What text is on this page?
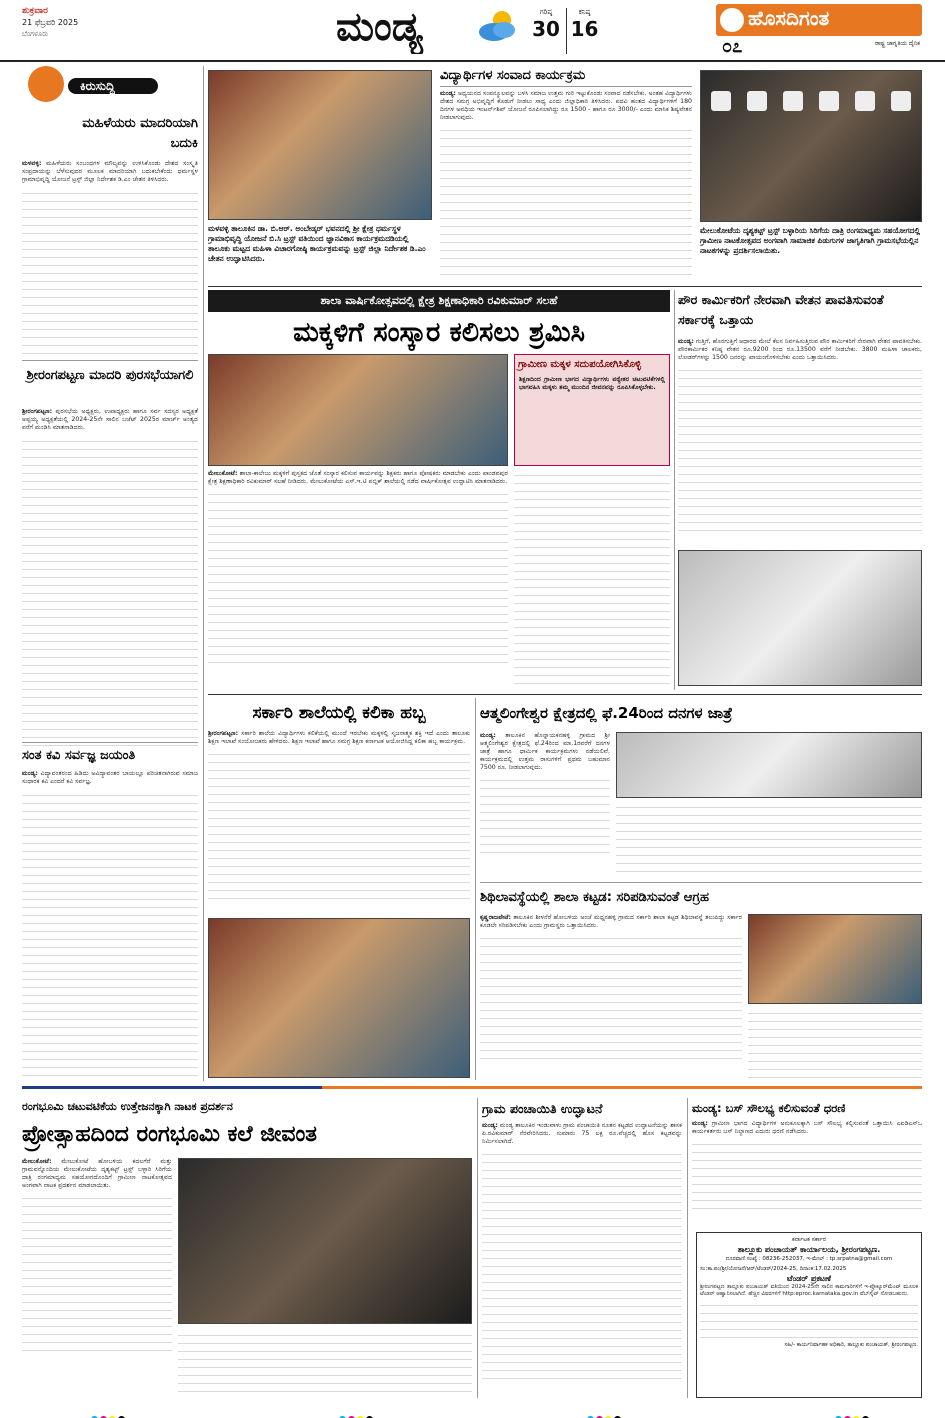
ಶುಕ್ರವಾರ
21 ಫೆಬ್ರವರಿ 2025
ಬೆಂಗಳೂರು	ಮಂಡ್ಯ	ಗರಿಷ್ಠ
30
ಕನಿಷ್ಠ
16	ಹೊಸದಿಗಂತ
೦೭	ರಾಷ್ಟ್ರ ಜಾಗೃತಿಯ ದೈನಿಕ
ಕಿರುಸುದ್ದಿ
ಮಹಿಳೆಯರು ಮಾದರಿಯಾಗಿ ಬದುಕಿ
ಮಳವಳ್ಳಿ: ಮಹಿಳೆಯರು ಸಂಬಂಧಗಳ ಮೌಲ್ಯವನ್ನು ಉಳಿಸಿಕೊಂಡು ದೇಶದ ಸಂಸ್ಕೃತಿ ಸಂಪ್ರದಾಯನ್ನು ಬೆಳೆಸುವುದರ ಮೂಲಕ ಮಾದರಿಯಾಗಿ ಬದುಕಬೇಕೆಂದು ಧರ್ಮಸ್ಥಳ ಗ್ರಾಮಾಭಿವೃದ್ಧಿ ಯೋಜನೆ ಟ್ರಸ್ಟ್ ಜಿಲ್ಲಾ ನಿರ್ದೇಶಕ ಡಿ.ಎಂ ಚೇತನ ತಿಳಿಸಿದರು.
ಶ್ರೀರಂಗಪಟ್ಟಣ ಮಾದರಿ ಪುರಸಭೆಯಾಗಲಿ
ಶ್ರೀರಂಗಪಟ್ಟಣ: ಪುರಸಭೆಯ ಅಧ್ಯಕ್ಷರು, ಉಪಾಧ್ಯಕ್ಷರು ಹಾಗೂ ಸರ್ವ ಸದಸ್ಯರ ಅಧ್ಯಕ್ಷತೆ ಅಪ್ಪಯ್ಯ ಅಧ್ಯಕ್ಷತೆಯಲ್ಲಿ 2024-25ನೇ ಸಾಲಿನ ಬಜೆಟ್ 2025ರ ಮಾರ್ಚ್ ಅಂತ್ಯದ ವರೆಗೆ ಮಂಡಿಸಿ ಮಾತನಾಡಿದರು.
ಸಂತ ಕವಿ ಸರ್ವಜ್ಞ ಜಯಂತಿ
ಮಂಡ್ಯ: ವಿದ್ಯಾವಂತರಂದ ಹಿಡಿದು ಅವಿದ್ಯಾವಂತರ ಬಾಯಲ್ಲೂ ಪರಿಚಿತನಾಗಿರುವ ಸಮಾಜ ಸುಧಾರಕ ಕವಿ ಎಂದರೆ ಕವಿ ಸರ್ವಜ್ಞ.
ಮಳವಳ್ಳಿ ತಾಲೂಕಿನ ಡಾ. ಬಿ.ಆರ್. ಅಂಬೇಡ್ಕರ್ ಭವನದಲ್ಲಿ ಶ್ರೀ ಕ್ಷೇತ್ರ ಧರ್ಮಸ್ಥಳ ಗ್ರಾಮಾಭಿವೃದ್ಧಿ ಯೋಜನೆ ಬಿ.ಸಿ ಟ್ರಸ್ಟ್ ವತಿಯಿಂದ ಜ್ಞಾನವಿಕಾಸ ಕಾರ್ಯಕ್ರಮದಡಿಯಲ್ಲಿ ತಾಲೂಕು ಮಟ್ಟದ ಮಹಿಳಾ ವಿಚಾರಗೋಷ್ಠಿ ಕಾರ್ಯಕ್ರಮವನ್ನು ಟ್ರಸ್ಟ್ ಜಿಲ್ಲಾ ನಿರ್ದೇಶಕ ಡಿ.ಎಂ ಚೇತನ ಉದ್ಘಾಟಿಸಿದರು.
ವಿದ್ಯಾರ್ಥಿಗಳ ಸಂವಾದ ಕಾರ್ಯಕ್ರಮ
ಮಂಡ್ಯ: ಅಧ್ಯಯನದ ಸಂಪನ್ಮೂಲವನ್ನು ಬಳಸಿ ಸಮಾಜ ಉತ್ತಮ ಗುರಿ ಇಟ್ಟುಕೊಂಡು ಸಂವಾದ ನಡೆಸಬೇಕು. ಅಂತಹ ವಿದ್ಯಾರ್ಥಿಗಳು ದೇಶದ ಸಮಗ್ರ ಅಭಿವೃದ್ಧಿಗೆ ಕೊಡುಗೆ ನೀಡಲು ಸಾಧ್ಯ ಎಂದು ಜಿಲ್ಲಾಧಿಕಾರಿ ತಿಳಿಸಿದರು. ಪದವಿ ಹಂತದ ವಿದ್ಯಾರ್ಥಿಗಳಿಗೆ 180 ದಿನಗಳ ಅವಧಿಯ ಇಂಟರ್ನ್‌ಶಿಪ್ ಯೋಜನೆ ರೂಪಿಸಲಾಗಿದ್ದು ರೂ 1500 - ಹಾಗೂ ರೂ 3000/- ಎಂದು ಮಾಸಿಕ ಶಿಷ್ಯವೇತನ ನೀಡಲಾಗುವುದು.
ಮೇಲುಕೋಟೆಯ ದೃಶ್ಯಕಟ್ಟ್ ಟ್ರಸ್ಟ್ ಬಳ್ಳಾರಿಯ ಸಿರಿಗೆಯ ದಾತ್ರಿ ರಂಗಮಾಧ್ಯಮ ಸಹಯೋಗದಲ್ಲಿ ಗ್ರಾಮೀಣ ನಾಟಕೋತ್ಸವದ ಅಂಗವಾಗಿ ಸಾಮಾಜಿಕ ಪಿಡುಗುಗಳ ಜಾಗೃತಿಗಾಗಿ ಗ್ರಾಮಸಭೆಯಲ್ಲಿನ ನಾಟಕಗಳನ್ನು ಪ್ರದರ್ಶಿಸಲಾಯಿತು.
ಶಾಲಾ ವಾರ್ಷಿಕೋತ್ಸವದಲ್ಲಿ ಕ್ಷೇತ್ರ ಶಿಕ್ಷಣಾಧಿಕಾರಿ ರವಿಕುಮಾರ್ ಸಲಹೆ
ಮಕ್ಕಳಿಗೆ ಸಂಸ್ಕಾರ ಕಲಿಸಲು ಶ್ರಮಿಸಿ
ಗ್ರಾಮೀಣ ಮಕ್ಕಳ ಸದುಪಯೋಗಿಸಿಕೊಳ್ಳಿ
ಶಿಕ್ಷಣದಿಂದ ಗ್ರಾಮೀಣ ಭಾಗದ ವಿದ್ಯಾರ್ಥಿಗಳು ಪಠ್ಯೇತರ ಚಟುವಟಿಕೆಗಳಲ್ಲಿ ಭಾಗವಹಿಸಿ ಮಕ್ಕಳು ತಮ್ಮ ಮುಂದಿನ ಜೀವನವನ್ನು ರೂಪಿಸಿಕೊಳ್ಳಬೇಕು.
ಮೇಲುಕೋಟೆ: ಶಾಲಾ-ಕಾಲೇಜು ಮಕ್ಕಳಿಗೆ ಪುಸ್ತಕದ ಜೊತೆ ಸಂಸ್ಕಾರ ಕಲಿಸುವ ಕಾರ್ಯವನ್ನು ಶಿಕ್ಷಕರು ಹಾಗೂ ಪೋಷಕರು ಮಾಡಬೇಕು ಎಂದು ಪಾಂಡವಪುರ ಕ್ಷೇತ್ರ ಶಿಕ್ಷಣಾಧಿಕಾರಿ ರವಿಕುಮಾರ್ ಸಲಹೆ ನೀಡಿದರು. ಮೇಲುಕೋಟೆಯ ಎಸ್.ಇ.ಟಿ ಪಬ್ಲಿಕ್ ಶಾಲೆಯಲ್ಲಿ ನಡೆದ ವಾರ್ಷಿಕೋತ್ಸವ ಉದ್ಘಾಟಿಸಿ ಮಾತನಾಡಿದರು.
ಪೌರ ಕಾರ್ಮಿಕರಿಗೆ ನೇರವಾಗಿ ವೇತನ ಪಾವತಿಸುವಂತೆ ಸರ್ಕಾರಕ್ಕೆ ಒತ್ತಾಯ
ಮಂಡ್ಯ: ಗುತ್ತಿಗೆ, ಹೊರಗುತ್ತಿಗೆ ಆಧಾರದ ಮೇಲೆ ಕೆಲಸ ನಿರ್ವಹಿಸುತ್ತಿರುವ ಪೌರ ಕಾರ್ಮಿಕರಿಗೆ ನೇರವಾಗಿ ವೇತನ ಪಾವತಿಸಬೇಕು. ಪೌರಕಾರ್ಮಿಕರ ಕನಿಷ್ಠ ವೇತನ ರೂ.9200 ರಿಂದ ರೂ.13500 ವರೆಗೆ ನೀಡಬೇಕು. 3800 ಮಹಿಳಾ ಚಾಲಕರು, ಲೋಡರ್‌ಗಳನ್ನು 1500 ಜನರನ್ನು ಖಾಯಂಗೊಳಿಸಬೇಕು ಎಂದು ಒತ್ತಾಯಿಸಿದರು.
ಸರ್ಕಾರಿ ಶಾಲೆಯಲ್ಲಿ ಕಲಿಕಾ ಹಬ್ಬ
ಶ್ರೀರಂಗಪಟ್ಟಣ: ಸರ್ಕಾರಿ ಶಾಲೆಯ ವಿದ್ಯಾರ್ಥಿಗಳು ಕಲಿಕೆಯಲ್ಲಿ ಮುಂದೆ ಇರಬೇಕು ಮಕ್ಕಳಲ್ಲಿ ಸೃಜನಾತ್ಮಕ ಶಕ್ತಿ ಇದೆ ಎಂದು ತಾಲೂಕು ಶಿಕ್ಷಣ ಇಲಾಖೆ ಸಂಯೋಜಕರು ಹೇಳಿದರು. ಶಿಕ್ಷಣ ಇಲಾಖೆ ಹಾಗೂ ಸಮಗ್ರ ಶಿಕ್ಷಣ ಕರ್ನಾಟಕ ಆಯೋಜಿಸಿದ್ದ ಕಲಿಕಾ ಹಬ್ಬ ಕಾರ್ಯಕ್ರಮ.
ಆತ್ಮಲಿಂಗೇಶ್ವರ ಕ್ಷೇತ್ರದಲ್ಲಿ ಫೆ.24ರಿಂದ ದನಗಳ ಜಾತ್ರೆ
ಮಂಡ್ಯ: ತಾಲೂಕಿನ ಹೊನ್ನಾಯಕನಹಳ್ಳಿ ಗ್ರಾಮದ ಶ್ರೀ ಆತ್ಮಲಿಂಗೇಶ್ವರ ಕ್ಷೇತ್ರದಲ್ಲಿ ಫೆ.24ರಿಂದ ಮಾ.1ರವರೆಗೆ ದನಗಳ ಜಾತ್ರೆ ಹಾಗೂ ಧಾರ್ಮಿಕ ಕಾರ್ಯಕ್ರಮಗಳು ನಡೆಯಲಿವೆ. ಕಾರ್ಯಕ್ರಮದಲ್ಲಿ ಉತ್ತಮ ರಾಸುಗಳಿಗೆ ಪ್ರಥಮ ಬಹುಮಾನ 7500 ರೂ. ನೀಡಲಾಗುವುದು.
ಶಿಥಿಲಾವಸ್ಥೆಯಲ್ಲಿ ಶಾಲಾ ಕಟ್ಟಡ: ಸರಿಪಡಿಸುವಂತೆ ಆಗ್ರಹ
ಕೃಷ್ಣರಾಜಪೇಟೆ: ತಾಲೂಕಿನ ಶೀಳನೆರೆ ಹೋಬಳಿಯ ಅಂಚೆ ಮಧ್ದನಹಳ್ಳಿ ಗ್ರಾಮದ ಸರ್ಕಾರಿ ಶಾಲಾ ಕಟ್ಟಡ ಶಿಥಿಲಾವಸ್ಥೆ ತಲುಪಿದ್ದು ಸರ್ಕಾರ ಕೂಡಲೇ ಸರಿಪಡಿಸಬೇಕು ಎಂದು ಗ್ರಾಮಸ್ಥರು ಒತ್ತಾಯಿಸಿದರು.
ರಂಗಭೂಮಿ ಚಟುವಟಿಕೆಯ ಉತ್ತೇಜನಕ್ಕಾಗಿ ನಾಟಕ ಪ್ರದರ್ಶನ
ಪ್ರೋತ್ಸಾಹದಿಂದ ರಂಗಭೂಮಿ ಕಲೆ ಜೀವಂತ
ಮೇಲುಕೋಟೆ: ಮೇಲುಕೋಟೆ ಹೋಬಳಿಯ ಕದಲಗೆರೆ ಮತ್ತು ಗ್ರಾಮವನ್ನೊಂದಿಯ ಮೇಲುಕೋಟೆಯ ದೃಶ್ಯಕಟ್ಟ್ ಟ್ರಸ್ಟ್ ಬಳ್ಳಾರಿ ಸಿರಿಗೆಯ ದಾತ್ರಿ ರಂಗಮಾಧ್ಯಮ ಸಹಯೋಗದೊಂದಿಗೆ ಗ್ರಾಮೀಣ ನಾಟಕೋತ್ಸವದ ಅಂಗವಾಗಿ ನಾಟಕ ಪ್ರದರ್ಶನ ಮಾಡಲಾಯಿತು.
ಗ್ರಾಮ ಪಂಚಾಯಿತಿ ಉದ್ಘಾಟನೆ
ಮಂಡ್ಯ: ಮಂಡ್ಯ ತಾಲೂಕಿನ ಇಂಡುವಾಳು ಗ್ರಾಮ ಪಂಚಾಯಿತಿ ನೂತನ ಕಟ್ಟಡದ ಉದ್ಘಾಟನೆಯನ್ನು ಶಾಸಕ ಪಿ.ರವಿಕುಮಾರ್ ನೆರವೇರಿಸಿದರು. ಸುಮಾರು 75 ಲಕ್ಷ ರೂ.ವೆಚ್ಚದಲ್ಲಿ ಹೊಸ ಕಟ್ಟಡವನ್ನು ನಿರ್ಮಿಸಲಾಗಿದೆ.
ಮಂಡ್ಯ: ಬಸ್ ಸೌಲಭ್ಯ ಕಲಿಸುವಂತೆ ಧರಣಿ
ಮಂಡ್ಯ: ಗ್ರಾಮೀಣ ಭಾಗದ ವಿದ್ಯಾರ್ಥಿಗಳ ಅನುಕೂಲಕ್ಕಾಗಿ ಬಸ್ ಸೌಲಭ್ಯ ಕಲ್ಪಿಸುವಂತೆ ಒತ್ತಾಯಿಸಿ ಎಐಡಿಎಸ್‌ಒ ಕಾರ್ಯಕರ್ತರು ಬಸ್ ನಿಲ್ದಾಣದ ಎದುರು ಧರಣಿ ನಡೆಸಿದರು.
ಕರ್ನಾಟಕ ಸರ್ಕಾರ
ತಾಲ್ಲೂಕು ಪಂಚಾಯತ್ ಕಾರ್ಯಾಲಯ, ಶ್ರೀರಂಗಪಟ್ಟಣ.
ದೂರವಾಣಿ ಸಂಖ್ಯೆ : 08236-252037, ಇ-ಮೇಲ್ : tp.srpatna@gmail.com
ಸಂ:ತಾ.ಪಂ/ಶ್ರೀ/ಯೋಜನೆ/ಆರ್/ಟೆಂಡರ್/2024-25, ದಿನಾಂಕ:17.02.2025
ಟೆಂಡರ್ ಪ್ರಕಟಣೆ
ಶ್ರೀರಂಗಪಟ್ಟಣ ತಾಲ್ಲೂಕು ಪಂಚಾಯತ್ ವತಿಯಿಂದ 2024-25ನೇ ಸಾಲಿನ ಕಾಮಗಾರಿಗಳಿಗೆ ಇ-ಪ್ರೊಕ್ಯೂರ್‌ಮೆಂಟ್ ಮೂಲಕ ಟೆಂಡರ್ ಆಹ್ವಾನಿಸಲಾಗಿದೆ. ಹೆಚ್ಚಿನ ವಿವರಗಳಿಗೆ http:eproc.karnataka.gov.in ವೆಬ್‌ಸೈಟ್ ನೋಡಬಹುದು.
ಸಹಿ/- ಕಾರ್ಯನಿರ್ವಾಹಕ ಅಧಿಕಾರಿ, ತಾಲ್ಲೂಕು ಪಂಚಾಯತ್, ಶ್ರೀರಂಗಪಟ್ಟಣ.
